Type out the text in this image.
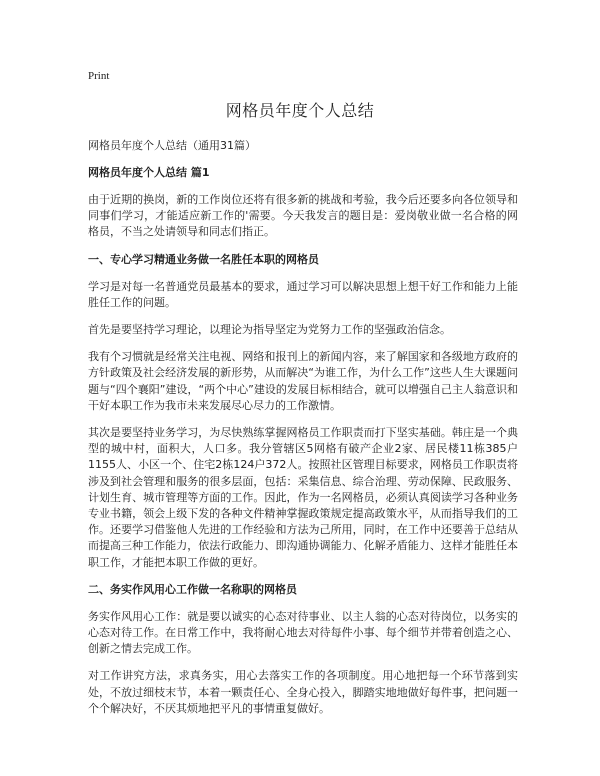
Print
网格员年度个人总结

网格员年度个人总结（通用31篇）

网格员年度个人总结 篇1

由于近期的换岗，新的工作岗位还将有很多新的挑战和考验，我今后还要多向各位领导和同事们学习，才能适应新工作的'需要。今天我发言的题目是：爱岗敬业做一名合格的网格员，不当之处请领导和同志们指正。

一、专心学习精通业务做一名胜任本职的网格员

学习是对每一名普通党员最基本的要求，通过学习可以解决思想上想干好工作和能力上能胜任工作的问题。

首先是要坚持学习理论，以理论为指导坚定为党努力工作的坚强政治信念。

我有个习惯就是经常关注电视、网络和报刊上的新闻内容，来了解国家和各级地方政府的方针政策及社会经济发展的新形势，从而解决“为谁工作，为什么工作”这些人生大课题问题与“四个襄阳”建设，“两个中心”建设的发展目标相结合，就可以增强自己主人翁意识和干好本职工作为我市未来发展尽心尽力的工作激情。

其次是要坚持业务学习，为尽快熟练掌握网格员工作职责而打下坚实基础。韩庄是一个典型的城中村，面积大，人口多。我分管辖区5网格有破产企业2家、居民楼11栋385户1155人、小区一个、住宅2栋124户372人。按照社区管理目标要求，网格员工作职责将涉及到社会管理和服务的很多层面，包括：采集信息、综合治理、劳动保障、民政服务、计划生育、城市管理等方面的工作。因此，作为一名网格员，必须认真阅读学习各种业务专业书籍，领会上级下发的各种文件精神掌握政策规定提高政策水平，从而指导我们的工作。还要学习借鉴他人先进的工作经验和方法为己所用，同时，在工作中还要善于总结从而提高三种工作能力，依法行政能力、即沟通协调能力、化解矛盾能力、这样才能胜任本职工作，才能把本职工作做的更好。

二、务实作风用心工作做一名称职的网格员

务实作风用心工作：就是要以诚实的心态对待事业、以主人翁的心态对待岗位，以务实的心态对待工作。在日常工作中，我将耐心地去对待每件小事、每个细节并带着创造之心、创新之情去完成工作。

对工作讲究方法，求真务实，用心去落实工作的各项制度。用心地把每一个环节落到实处，不放过细枝末节，本着一颗责任心、全身心投入，脚踏实地地做好每件事，把问题一个个解决好，不厌其烦地把平凡的事情重复做好。
